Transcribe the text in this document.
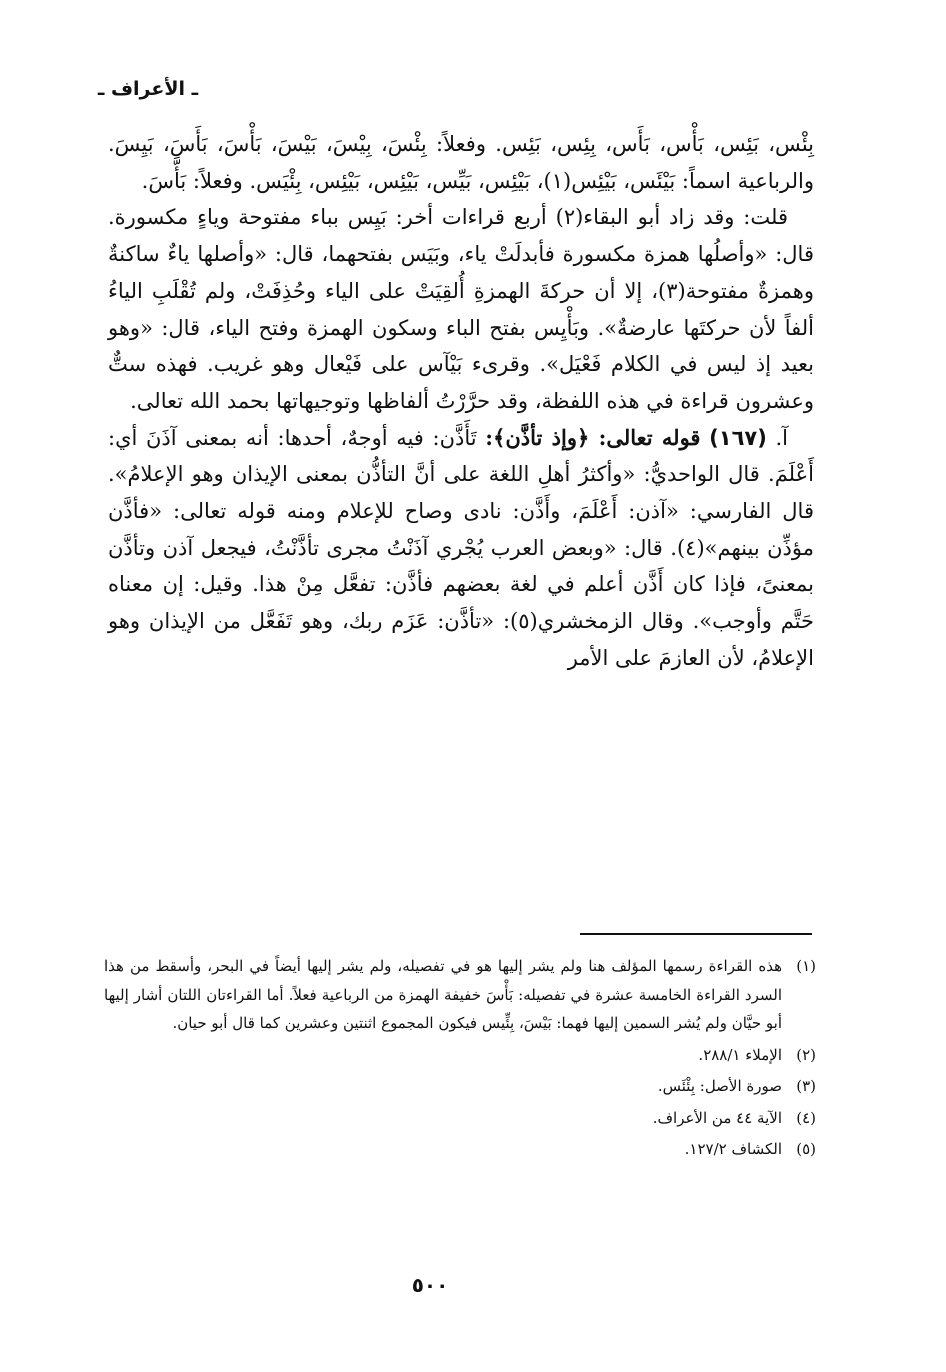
ـ الأعراف ـ

بِئْس، بَئِس، بَأْس، بَأَس، بِئِس، بَئِس. وفعلاً: بِئْسَ، بِيْسَ، بَيْسَ، بَأْسَ، بَأَسَ، بَيِسَ. والرباعية اسماً: بَيْئَس، بَيْئِس(١)، بَيْئِس، بَيِّس، بَيْئِس، بَيْئِس، بِئْيَس. وفعلاً: بَأَّسَ.

قلت: وقد زاد أبو البقاء(٢) أربع قراءات أخر: بَيِس بباء مفتوحة وياءٍ مكسورة. قال: «وأصلُها همزة مكسورة فأبدلَتْ ياء، وبَيَس بفتحهما، قال: «وأصلها ياءٌ ساكنةٌ وهمزةٌ مفتوحة(٣)، إلا أن حركةَ الهمزةِ أُلقِيَتْ على الياء وحُذِفَتْ، ولم تُقْلَبِ الياءُ ألفاً لأن حركتَها عارضةٌ». وبَأْيِس بفتح الباء وسكون الهمزة وفتح الياء، قال: «وهو بعيد إذ ليس في الكلام فَعْيَل». وقرىء بَيْآس على فَيْعال وهو غريب. فهذه ستٌّ وعشرون قراءة في هذه اللفظة، وقد حرَّرْتُ ألفاظها وتوجيهاتها بحمد الله تعالى.

آ. (١٦٧) قوله تعالى: ﴿وإذ تأذَّن﴾: تَأَذَّن: فيه أوجهٌ، أحدها: أنه بمعنى آذَنَ أي: أَعْلَمَ. قال الواحديُّ: «وأكثرُ أهلِ اللغة على أنَّ التأذُّن بمعنى الإيذان وهو الإعلامُ». قال الفارسي: «آذن: أَعْلَمَ، وأَذَّن: نادى وصاح للإعلام ومنه قوله تعالى: «فأذَّن مؤذِّن بينهم»(٤). قال: «وبعض العرب يُجْري آذَنْتُ مجرى تأذَّنْتُ، فيجعل آذن وتأذَّن بمعنىً، فإذا كان أَذَّن أعلم في لغة بعضهم فأذَّن: تفعَّل مِنْ هذا. وقيل: إن معناه حَتَّم وأوجب». وقال الزمخشري(٥): «تأذَّن: عَزَم ربك، وهو تَفَعَّل من الإيذان وهو الإعلامُ، لأن العازمَ على الأمر

(١)
هذه القراءة رسمها المؤلف هنا ولم يشر إليها هو في تفصيله، ولم يشر إليها أيضاً في البحر، وأسقط من هذا السرد القراءة الخامسة عشرة في تفصيله: بَأْسَ خفيفة الهمزة من الرباعية فعلاً. أما القراءتان اللتان أشار إليها أبو حيَّان ولم يُشر السمين إليها فهما: بَيْسَ، بِئِّيس فيكون المجموع اثنتين وعشرين كما قال أبو حيان.
(٢)
الإملاء ٢٨٨/١.
(٣)
صورة الأصل: بِئْئَس.
(٤)
الآية ٤٤ من الأعراف.
(٥)
الكشاف ١٢٧/٢.
٥٠٠
